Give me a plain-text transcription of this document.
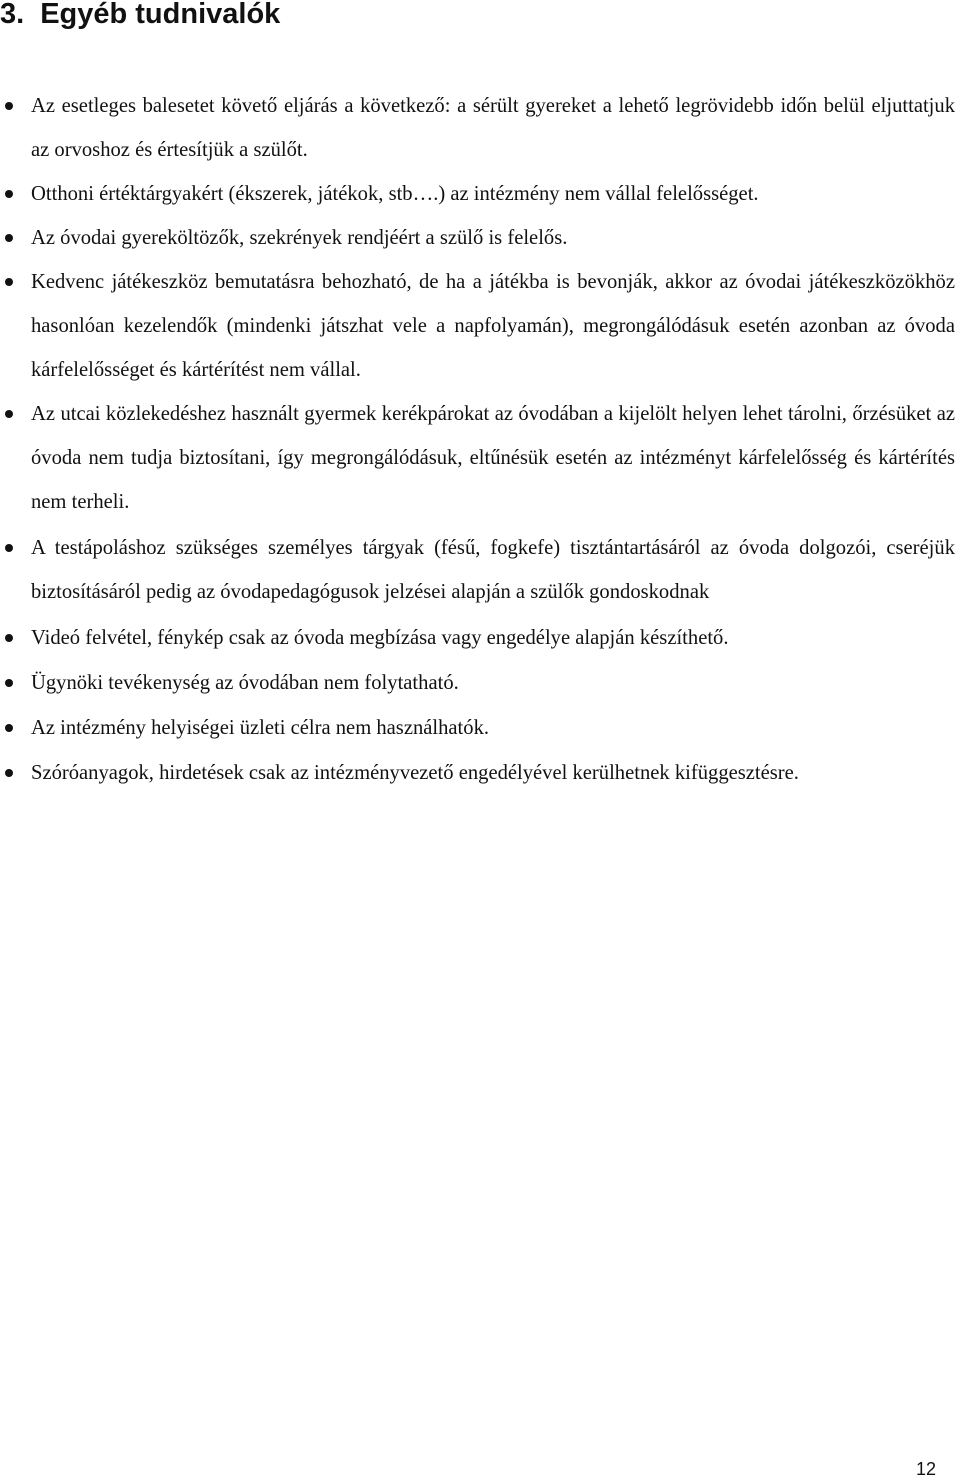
3. Egyéb tudnivalók
Az esetleges balesetet követő eljárás a következő: a sérült gyereket a lehető legrövidebb időn belül eljuttatjuk az orvoshoz és értesítjük a szülőt.
Otthoni értéktárgyakért (ékszerek, játékok, stb….) az intézmény nem vállal felelősséget.
Az óvodai gyereköltözők, szekrények rendjéért a szülő is felelős.
Kedvenc játékeszköz bemutatásra behozható, de ha a játékba is bevonják, akkor az óvodai játékeszközökhöz hasonlóan kezelendők (mindenki játszhat vele a napfolyamán), megrongálódásuk esetén azonban az óvoda kárfelelősséget és kártérítést nem vállal.
Az utcai közlekedéshez használt gyermek kerékpárokat az óvodában a kijelölt helyen lehet tárolni, őrzésüket az óvoda nem tudja biztosítani, így megrongálódásuk, eltűnésük esetén az intézményt kárfelelősség és kártérítés nem terheli.
A testápoláshoz szükséges személyes tárgyak (fésű, fogkefe) tisztántartásáról az óvoda dolgozói, cseréjük biztosításáról pedig az óvodapedagógusok jelzései alapján a szülők gondoskodnak
Videó felvétel, fénykép csak az óvoda megbízása vagy engedélye alapján készíthető.
Ügynöki tevékenység az óvodában nem folytatható.
Az intézmény helyiségei üzleti célra nem használhatók.
Szóróanyagok, hirdetések csak az intézményvezető engedélyével kerülhetnek kifüggesztésre.
12
